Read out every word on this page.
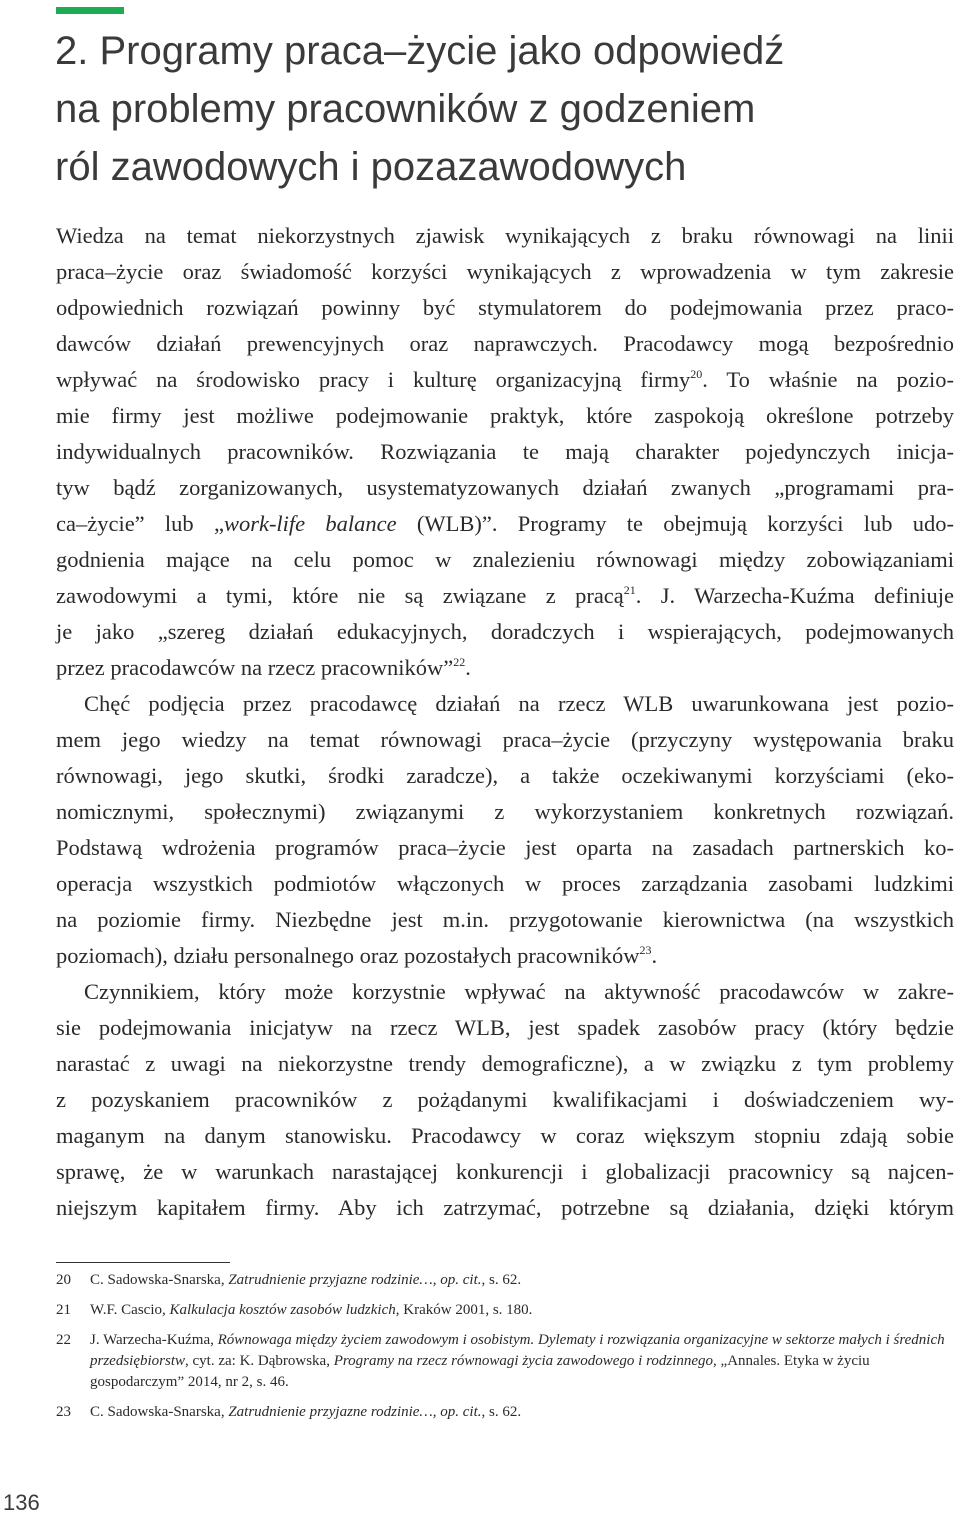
2. Programy praca–życie jako odpowiedź
na problemy pracowników z godzeniem
ról zawodowych i pozazawodowych
Wiedza na temat niekorzystnych zjawisk wynikających z braku równowagi na linii
praca–życie oraz świadomość korzyści wynikających z wprowadzenia w tym zakresie
odpowiednich rozwiązań powinny być stymulatorem do podejmowania przez praco-
dawców działań prewencyjnych oraz naprawczych. Pracodawcy mogą bezpośrednio
wpływać na środowisko pracy i kulturę organizacyjną firmy$^{20}$. To właśnie na pozio-
mie firmy jest możliwe podejmowanie praktyk, które zaspokoją określone potrzeby
indywidualnych pracowników. Rozwiązania te mają charakter pojedynczych inicja-
tyw bądź zorganizowanych, usystematyzowanych działań zwanych „programami pra-
ca–życie” lub „work-life balance (WLB)”. Programy te obejmują korzyści lub udo-
godnienia mające na celu pomoc w znalezieniu równowagi między zobowiązaniami
zawodowymi a tymi, które nie są związane z pracą$^{21}$. J. Warzecha-Kuźma definiuje
je jako „szereg działań edukacyjnych, doradczych i wspierających, podejmowanych
przez pracodawców na rzecz pracowników”$^{22}$.
Chęć podjęcia przez pracodawcę działań na rzecz WLB uwarunkowana jest pozio-
mem jego wiedzy na temat równowagi praca–życie (przyczyny występowania braku
równowagi, jego skutki, środki zaradcze), a także oczekiwanymi korzyściami (eko-
nomicznymi, społecznymi) związanymi z wykorzystaniem konkretnych rozwiązań.
Podstawą wdrożenia programów praca–życie jest oparta na zasadach partnerskich ko-
operacja wszystkich podmiotów włączonych w proces zarządzania zasobami ludzkimi
na poziomie firmy. Niezbędne jest m.in. przygotowanie kierownictwa (na wszystkich
poziomach), działu personalnego oraz pozostałych pracowników$^{23}$.
Czynnikiem, który może korzystnie wpływać na aktywność pracodawców w zakre-
sie podejmowania inicjatyw na rzecz WLB, jest spadek zasobów pracy (który będzie
narastać z uwagi na niekorzystne trendy demograficzne), a w związku z tym problemy
z pozyskaniem pracowników z pożądanymi kwalifikacjami i doświadczeniem wy-
maganym na danym stanowisku. Pracodawcy w coraz większym stopniu zdają sobie
sprawę, że w warunkach narastającej konkurencji i globalizacji pracownicy są najcen-
niejszym kapitałem firmy. Aby ich zatrzymać, potrzebne są działania, dzięki którym
20 C. Sadowska-Snarska, Zatrudnienie przyjazne rodzinie…, op. cit., s. 62.
21 W.F. Cascio, Kalkulacja kosztów zasobów ludzkich, Kraków 2001, s. 180.
22 J. Warzecha-Kuźma, Równowaga między życiem zawodowym i osobistym. Dylematy i rozwiązania organizacyjne w sektorze małych i średnich przedsiębiorstw, cyt. za: K. Dąbrowska, Programy na rzecz równowagi życia zawodowego i rodzinnego, „Annales. Etyka w życiu gospodarczym” 2014, nr 2, s. 46.
23 C. Sadowska-Snarska, Zatrudnienie przyjazne rodzinie…, op. cit., s. 62.
136
